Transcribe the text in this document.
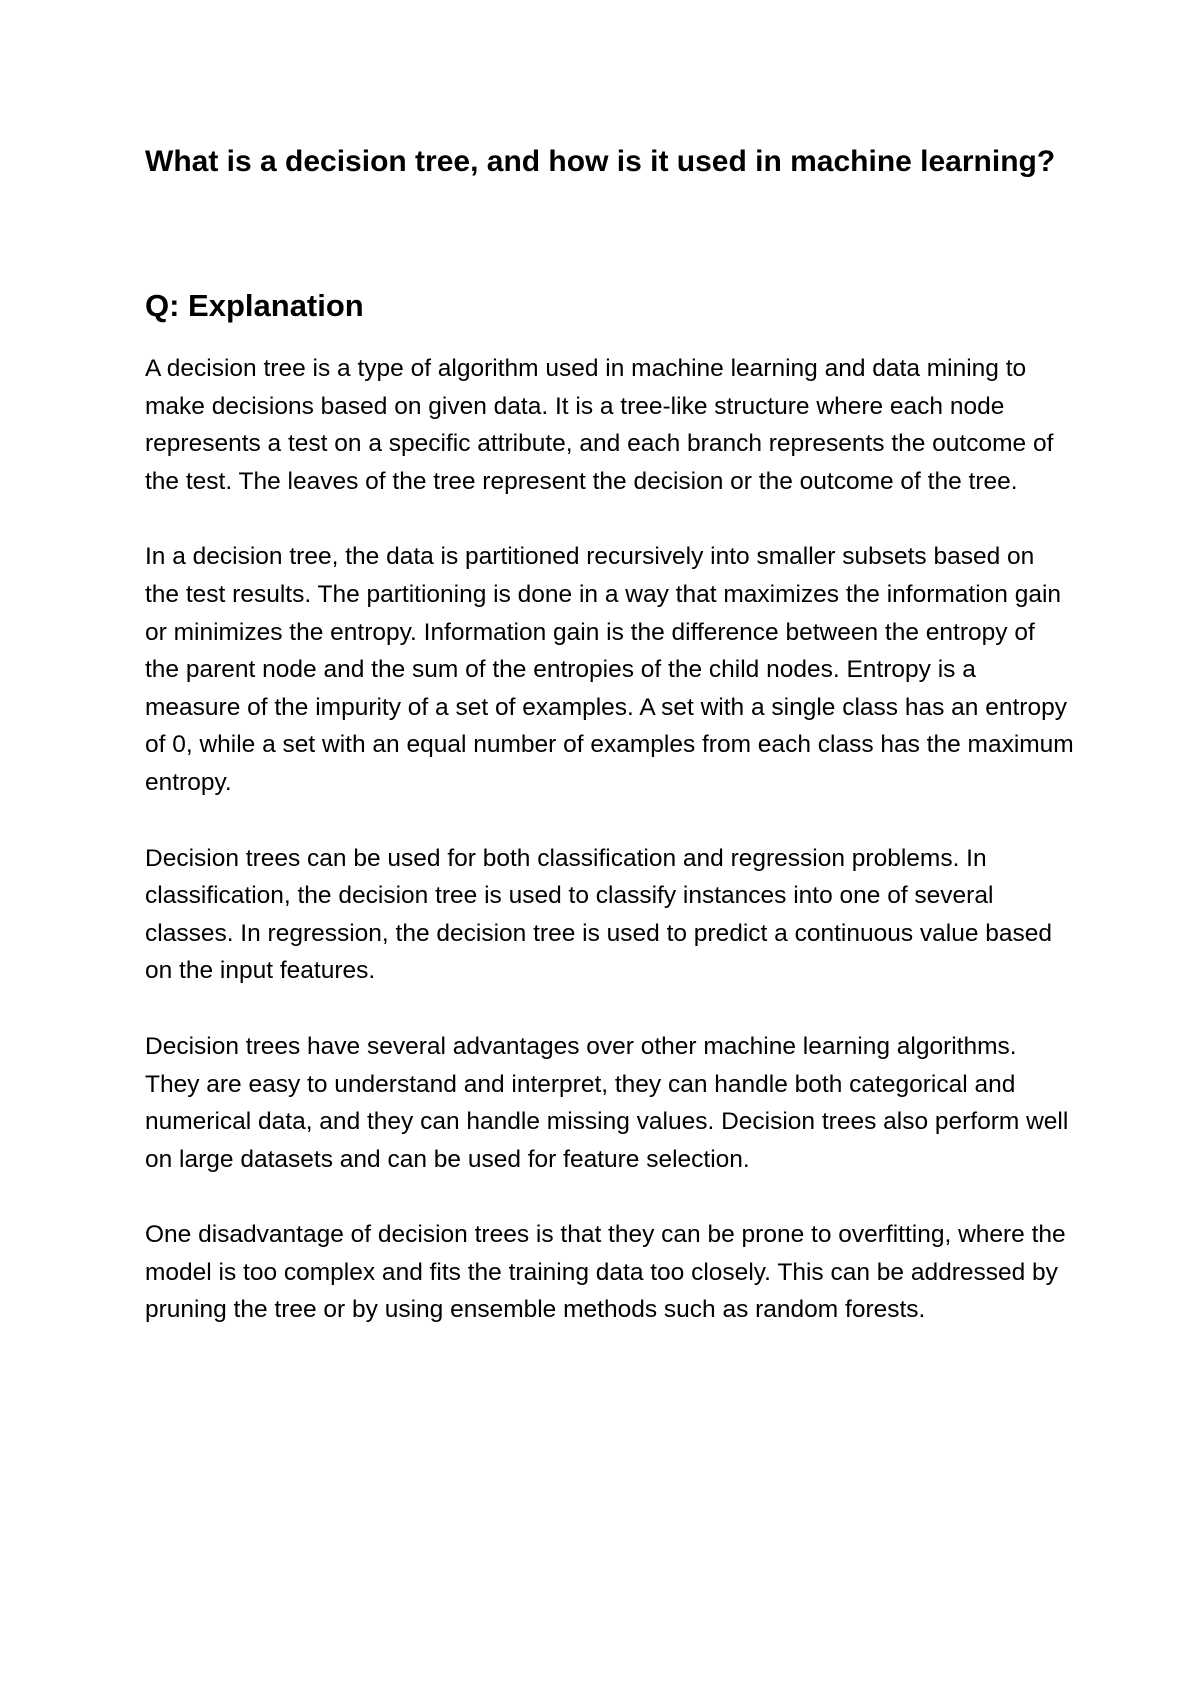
What is a decision tree, and how is it used in machine learning?
Q: Explanation

A decision tree is a type of algorithm used in machine learning and data mining to make decisions based on given data. It is a tree-like structure where each node represents a test on a specific attribute, and each branch represents the outcome of the test. The leaves of the tree represent the decision or the outcome of the tree.

In a decision tree, the data is partitioned recursively into smaller subsets based on the test results. The partitioning is done in a way that maximizes the information gain or minimizes the entropy. Information gain is the difference between the entropy of the parent node and the sum of the entropies of the child nodes. Entropy is a measure of the impurity of a set of examples. A set with a single class has an entropy of 0, while a set with an equal number of examples from each class has the maximum entropy.

Decision trees can be used for both classification and regression problems. In classification, the decision tree is used to classify instances into one of several classes. In regression, the decision tree is used to predict a continuous value based on the input features.

Decision trees have several advantages over other machine learning algorithms. They are easy to understand and interpret, they can handle both categorical and numerical data, and they can handle missing values. Decision trees also perform well on large datasets and can be used for feature selection.

One disadvantage of decision trees is that they can be prone to overfitting, where the model is too complex and fits the training data too closely. This can be addressed by pruning the tree or by using ensemble methods such as random forests.
